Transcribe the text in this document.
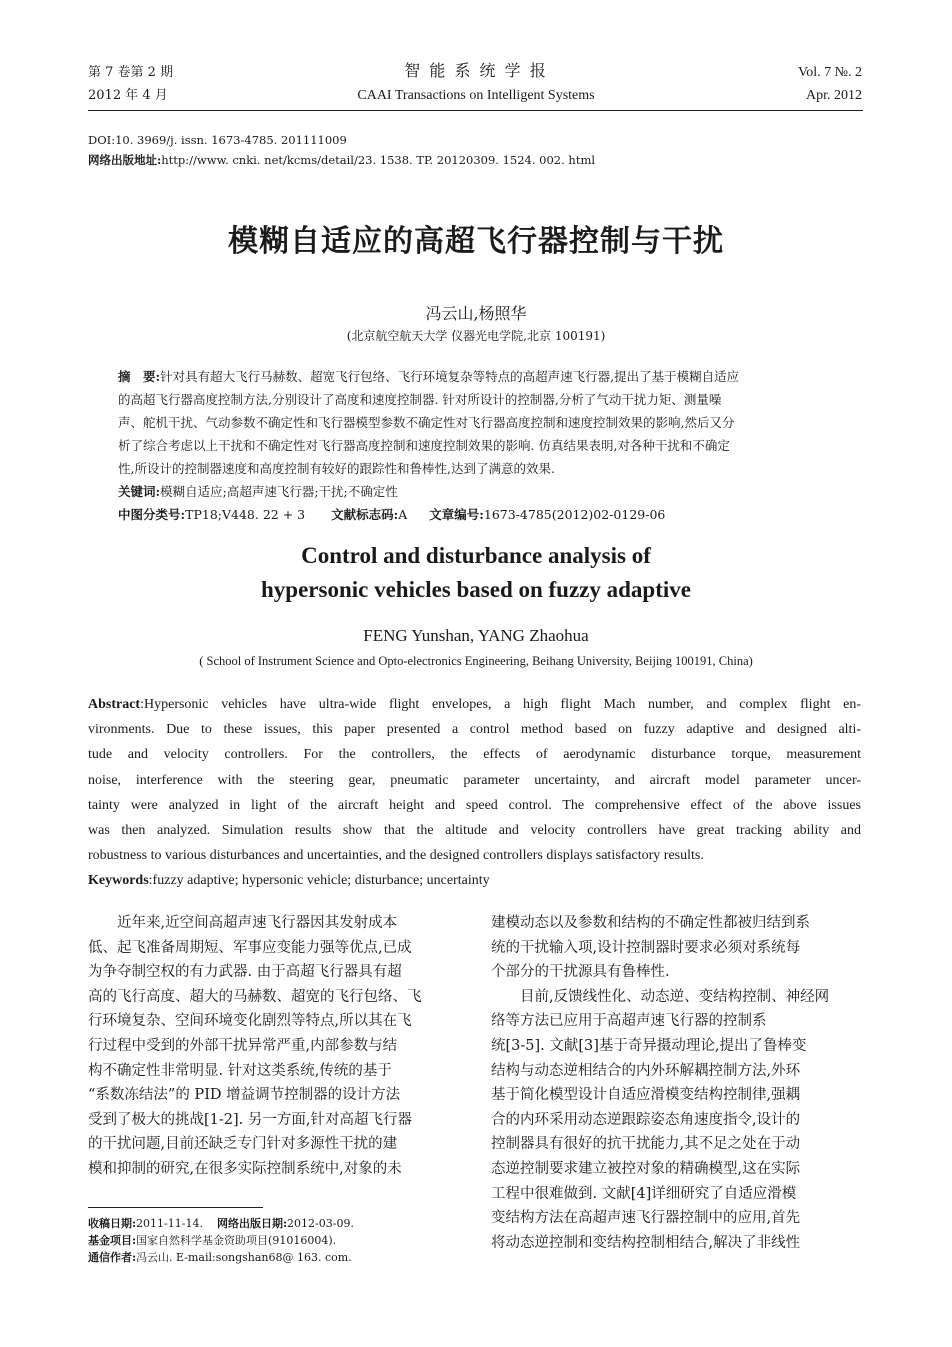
第 7 卷第 2 期
2012 年 4 月
智 能 系 统 学 报
CAAI Transactions on Intelligent Systems
Vol. 7 №. 2
Apr. 2012
DOI:10. 3969/j. issn. 1673-4785. 201111009
网络出版地址:http://www. cnki. net/kcms/detail/23. 1538. TP. 20120309. 1524. 002. html
模糊自适应的高超飞行器控制与干扰
冯云山,杨照华
(北京航空航天大学 仪器光电学院,北京 100191)
摘　要:针对具有超大飞行马赫数、超宽飞行包络、飞行环境复杂等特点的高超声速飞行器,提出了基于模糊自适应
的高超飞行器高度控制方法,分别设计了高度和速度控制器. 针对所设计的控制器,分析了气动干扰力矩、测量噪
声、舵机干扰、气动参数不确定性和飞行器模型参数不确定性对飞行器高度控制和速度控制效果的影响,然后又分
析了综合考虑以上干扰和不确定性对飞行器高度控制和速度控制效果的影响. 仿真结果表明,对各种干扰和不确定
性,所设计的控制器速度和高度控制有较好的跟踪性和鲁棒性,达到了满意的效果.
关键词:模糊自适应;高超声速飞行器;干扰;不确定性
中图分类号:TP18;V448. 22 + 3 文献标志码:A 文章编号:1673-4785(2012)02-0129-06
Control and disturbance analysis of
hypersonic vehicles based on fuzzy adaptive
FENG Yunshan, YANG Zhaohua
( School of Instrument Science and Opto-electronics Engineering, Beihang University, Beijing 100191, China)
Abstract:Hypersonic vehicles have ultra-wide flight envelopes, a high flight Mach number, and complex flight en-
vironments. Due to these issues, this paper presented a control method based on fuzzy adaptive and designed alti-
tude and velocity controllers. For the controllers, the effects of aerodynamic disturbance torque, measurement
noise, interference with the steering gear, pneumatic parameter uncertainty, and aircraft model parameter uncer-
tainty were analyzed in light of the aircraft height and speed control. The comprehensive effect of the above issues
was then analyzed. Simulation results show that the altitude and velocity controllers have great tracking ability and
robustness to various disturbances and uncertainties, and the designed controllers displays satisfactory results.
Keywords:fuzzy adaptive; hypersonic vehicle; disturbance; uncertainty
　　近年来,近空间高超声速飞行器因其发射成本
低、起飞准备周期短、军事应变能力强等优点,已成
为争夺制空权的有力武器. 由于高超飞行器具有超
高的飞行高度、超大的马赫数、超宽的飞行包络、飞
行环境复杂、空间环境变化剧烈等特点,所以其在飞
行过程中受到的外部干扰异常严重,内部参数与结
构不确定性非常明显. 针对这类系统,传统的基于
“系数冻结法”的 PID 增益调节控制器的设计方法
受到了极大的挑战[1-2]. 另一方面,针对高超飞行器
的干扰问题,目前还缺乏专门针对多源性干扰的建
模和抑制的研究,在很多实际控制系统中,对象的未
建模动态以及参数和结构的不确定性都被归结到系
统的干扰输入项,设计控制器时要求必须对系统每
个部分的干扰源具有鲁棒性.
　　目前,反馈线性化、动态逆、变结构控制、神经网
络等方法已应用于高超声速飞行器的控制系
统[3-5]. 文献[3]基于奇异摄动理论,提出了鲁棒变
结构与动态逆相结合的内外环解耦控制方法,外环
基于简化模型设计自适应滑模变结构控制律,强耦
合的内环采用动态逆跟踪姿态角速度指令,设计的
控制器具有很好的抗干扰能力,其不足之处在于动
态逆控制要求建立被控对象的精确模型,这在实际
工程中很难做到. 文献[4]详细研究了自适应滑模
变结构方法在高超声速飞行器控制中的应用,首先
将动态逆控制和变结构控制相结合,解决了非线性
收稿日期:2011-11-14. 网络出版日期:2012-03-09.
基金项目:国家自然科学基金资助项目(91016004).
通信作者:冯云山. E-mail:songshan68@ 163. com.
